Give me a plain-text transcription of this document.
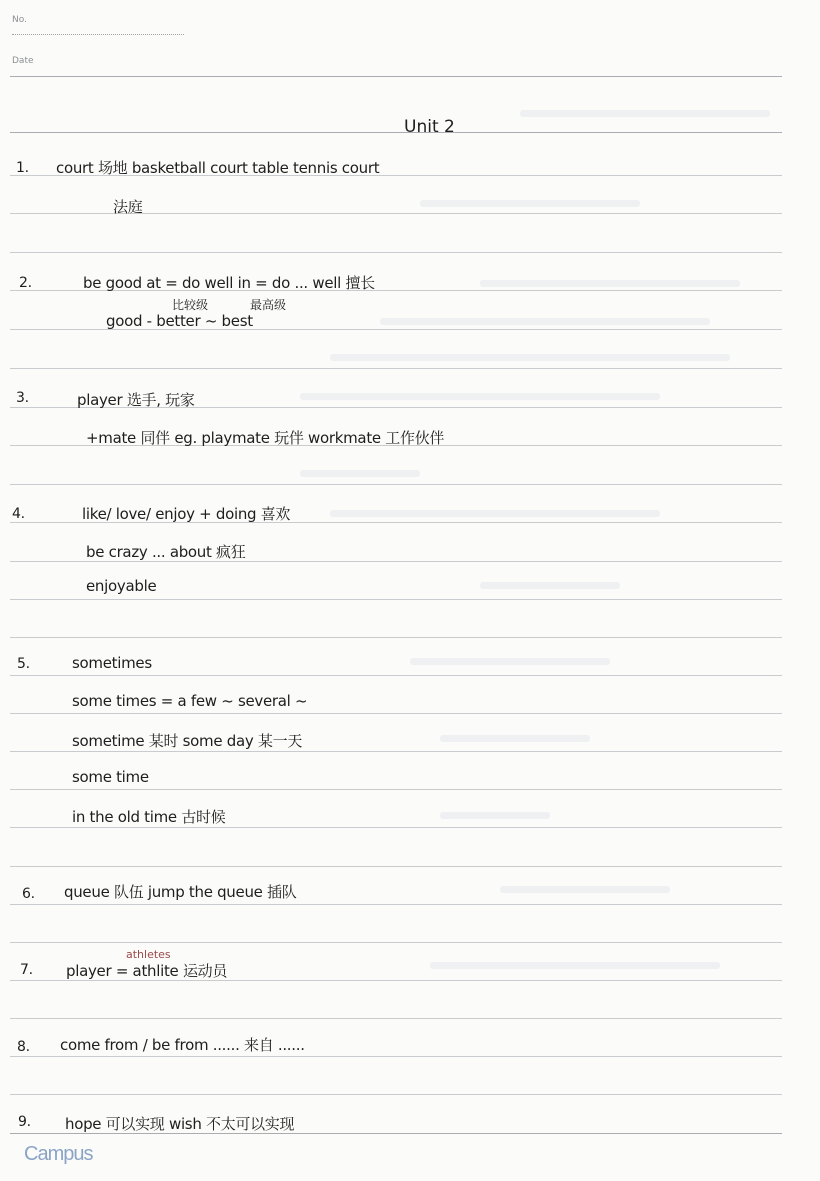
No.
Date
Unit 2
1. court 场地 basketball court table tennis court
法庭
2.	be good at = do well in = do ... well 擅长
比较级	最高级
good - better ~ best
3.	player 选手, 玩家
+mate 同伴 eg. playmate 玩伴 workmate 工作伙伴
4.	like/ love/ enjoy + doing 喜欢
be crazy ... about 疯狂
enjoyable
5.	sometimes
some times = a few ~ several ~
sometime 某时 some day 某一天
some time
in the old time 古时候
6. queue 队伍 jump the queue 插队
7.
athletes
player = athlite 运动员
8. come from / be from ...... 来自 ......
9. hope 可以实现 wish 不太可以实现
Campus
